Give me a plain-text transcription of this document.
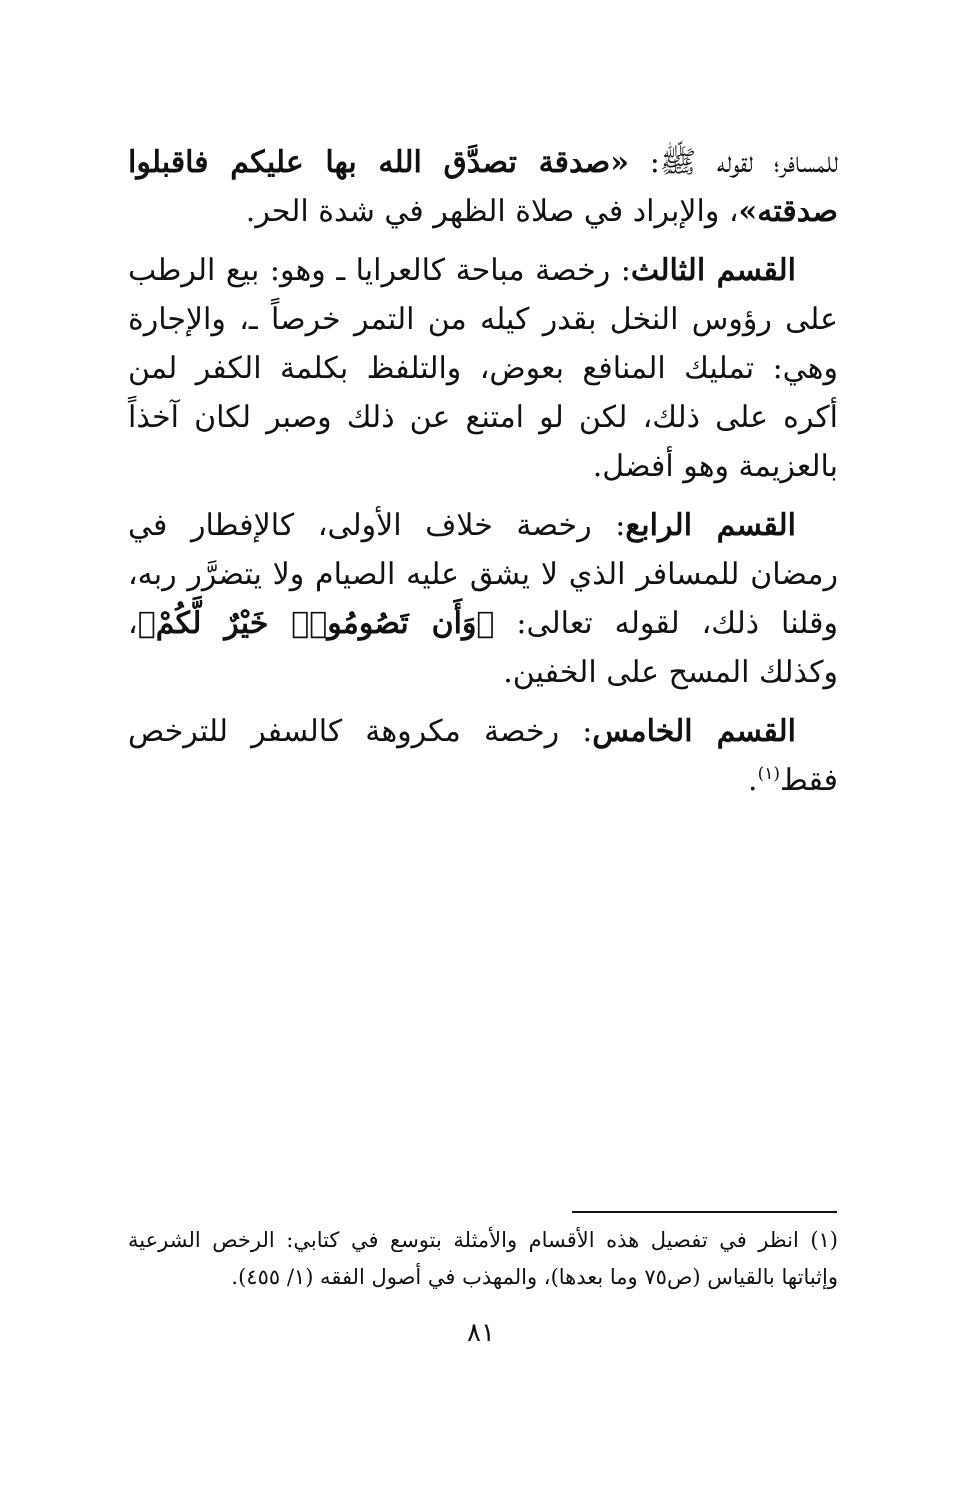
للمسافر؛ لقوله ﷺ: «صدقة تصدَّق الله بها عليكم فاقبلوا صدقته»، والإبراد في صلاة الظهر في شدة الحر.

القسم الثالث: رخصة مباحة كالعرايا ـ وهو: بيع الرطب على رؤوس النخل بقدر كيله من التمر خرصاً ـ، والإجارة وهي: تمليك المنافع بعوض، والتلفظ بكلمة الكفر لمن أكره على ذلك، لكن لو امتنع عن ذلك وصبر لكان آخذاً بالعزيمة وهو أفضل.

القسم الرابع: رخصة خلاف الأولى، كالإفطار في رمضان للمسافر الذي لا يشق عليه الصيام ولا يتضرَّر ربه، وقلنا ذلك، لقوله تعالى: ﴿وَأَن تَصُومُوا۟ خَيْرٌ لَّكُمْ﴾، وكذلك المسح على الخفين.

القسم الخامس: رخصة مكروهة كالسفر للترخص فقط$^{(١)}$.

(١) انظر في تفصيل هذه الأقسام والأمثلة بتوسع في كتابي: الرخص الشرعية وإثباتها بالقياس (ص٧٥ وما بعدها)، والمهذب في أصول الفقه (١/ ٤٥٥).

٨١
